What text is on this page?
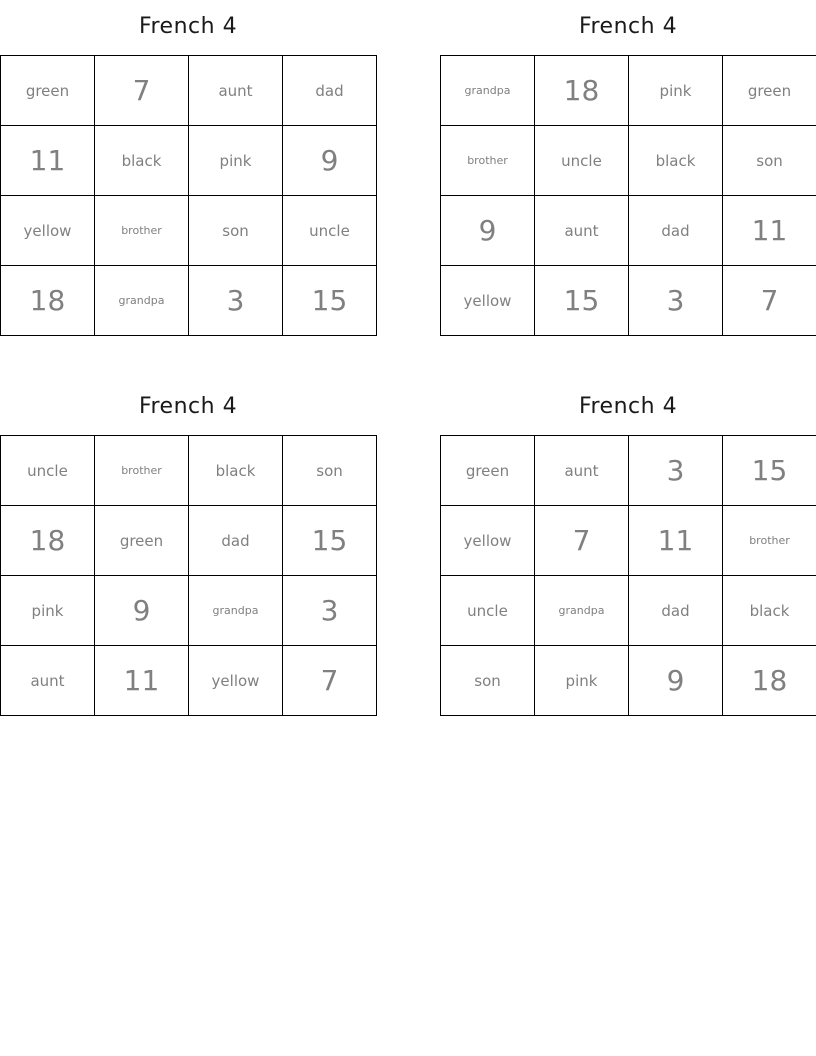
French 4
green	7	aunt	dad
11	black	pink	9
yellow	brother	son	uncle
18	grandpa	3	15
French 4
grandpa	18	pink	green
brother	uncle	black	son
9	aunt	dad	11
yellow	15	3	7
French 4
uncle	brother	black	son
18	green	dad	15
pink	9	grandpa	3
aunt	11	yellow	7
French 4
green	aunt	3	15
yellow	7	11	brother
uncle	grandpa	dad	black
son	pink	9	18
